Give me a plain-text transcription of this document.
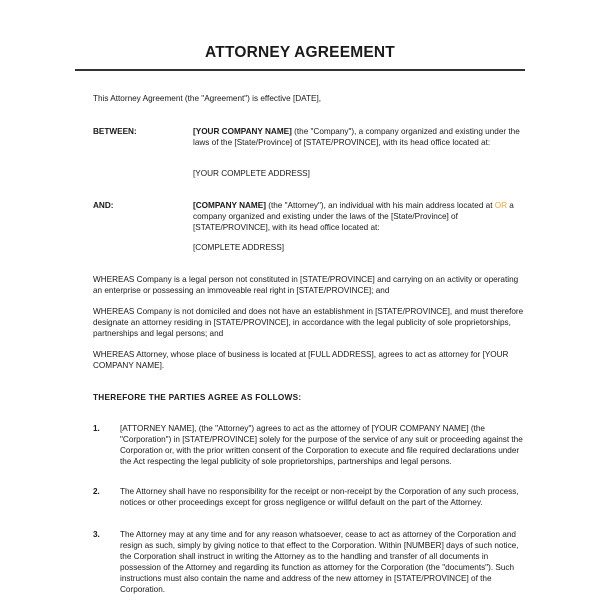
ATTORNEY AGREEMENT
This Attorney Agreement (the "Agreement") is effective [DATE],
BETWEEN:	[YOUR COMPANY NAME] (the "Company"), a company organized and existing under the laws of the [State/Province] of [STATE/PROVINCE], with its head office located at:
[YOUR COMPLETE ADDRESS]
AND:	[COMPANY NAME] (the "Attorney"), an individual with his main address located at OR a company organized and existing under the laws of the [State/Province] of [STATE/PROVINCE], with its head office located at:
[COMPLETE ADDRESS]
WHEREAS Company is a legal person not constituted in [STATE/PROVINCE] and carrying on an activity or operating an enterprise or possessing an immoveable real right in [STATE/PROVINCE]; and
WHEREAS Company is not domiciled and does not have an establishment in [STATE/PROVINCE], and must therefore designate an attorney residing in [STATE/PROVINCE], in accordance with the legal publicity of sole proprietorships, partnerships and legal persons; and
WHEREAS Attorney, whose place of business is located at [FULL ADDRESS], agrees to act as attorney for [YOUR COMPANY NAME].
THEREFORE THE PARTIES AGREE AS FOLLOWS:
1. [ATTORNEY NAME], (the "Attorney") agrees to act as the attorney of [YOUR COMPANY NAME] (the "Corporation") in [STATE/PROVINCE] solely for the purpose of the service of any suit or proceeding against the Corporation or, with the prior written consent of the Corporation to execute and file required declarations under the Act respecting the legal publicity of sole proprietorships, partnerships and legal persons.
2. The Attorney shall have no responsibility for the receipt or non-receipt by the Corporation of any such process, notices or other proceedings except for gross negligence or willful default on the part of the Attorney.
3. The Attorney may at any time and for any reason whatsoever, cease to act as attorney of the Corporation and resign as such, simply by giving notice to that effect to the Corporation. Within [NUMBER] days of such notice, the Corporation shall instruct in writing the Attorney as to the handling and transfer of all documents in possession of the Attorney and regarding its function as attorney for the Corporation (the "documents"). Such instructions must also contain the name and address of the new attorney in [STATE/PROVINCE] of the Corporation.
